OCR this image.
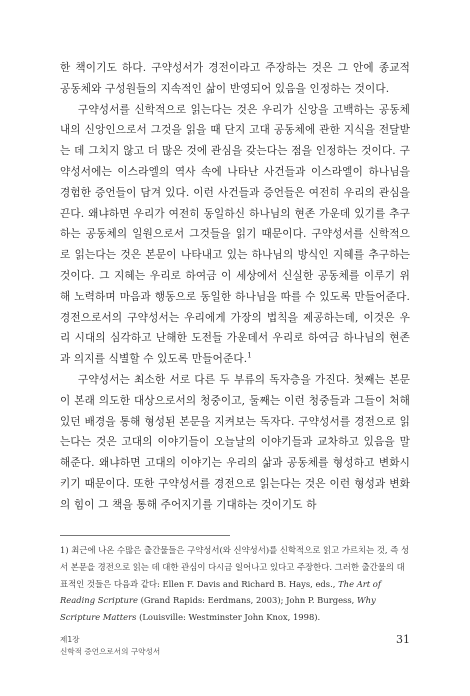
한 책이기도 하다. 구약성서가 경전이라고 주장하는 것은 그 안에 종교적 공동체와 구성원들의 지속적인 삶이 반영되어 있음을 인정하는 것이다.

구약성서를 신학적으로 읽는다는 것은 우리가 신앙을 고백하는 공동체 내의 신앙인으로서 그것을 읽을 때 단지 고대 공동체에 관한 지식을 전달받는 데 그치지 않고 더 많은 것에 관심을 갖는다는 점을 인정하는 것이다. 구약성서에는 이스라엘의 역사 속에 나타난 사건들과 이스라엘이 하나님을 경험한 증언들이 담겨 있다. 이런 사건들과 증언들은 여전히 우리의 관심을 끈다. 왜냐하면 우리가 여전히 동일하신 하나님의 현존 가운데 있기를 추구하는 공동체의 일원으로서 그것들을 읽기 때문이다. 구약성서를 신학적으로 읽는다는 것은 본문이 나타내고 있는 하나님의 방식인 지혜를 추구하는 것이다. 그 지혜는 우리로 하여금 이 세상에서 신실한 공동체를 이루기 위해 노력하며 마음과 행동으로 동일한 하나님을 따를 수 있도록 만들어준다. 경전으로서의 구약성서는 우리에게 가장의 법칙을 제공하는데, 이것은 우리 시대의 심각하고 난해한 도전들 가운데서 우리로 하여금 하나님의 현존과 의지를 식별할 수 있도록 만들어준다.$^1$

구약성서는 최소한 서로 다른 두 부류의 독자층을 가진다. 첫째는 본문이 본래 의도한 대상으로서의 청중이고, 둘째는 이런 청중들과 그들이 처해 있던 배경을 통해 형성된 본문을 지켜보는 독자다. 구약성서를 경전으로 읽는다는 것은 고대의 이야기들이 오늘날의 이야기들과 교차하고 있음을 말해준다. 왜냐하면 고대의 이야기는 우리의 삶과 공동체를 형성하고 변화시키기 때문이다. 또한 구약성서를 경전으로 읽는다는 것은 이런 형성과 변화의 힘이 그 책을 통해 주어지기를 기대하는 것이기도 하

1) 최근에 나온 수많은 출간물들은 구약성서(와 신약성서)를 신학적으로 읽고 가르치는 것, 즉 성서 본문을 경전으로 읽는 데 대한 관심이 다시금 일어나고 있다고 주장한다. 그러한 출간물의 대표적인 것들은 다음과 같다: Ellen F. Davis and Richard B. Hays, eds., The Art of Reading Scripture (Grand Rapids: Eerdmans, 2003); John P. Burgess, Why Scripture Matters (Louisville: Westminster John Knox, 1998).
제1장
신학적 증언으로서의 구약성서
31
